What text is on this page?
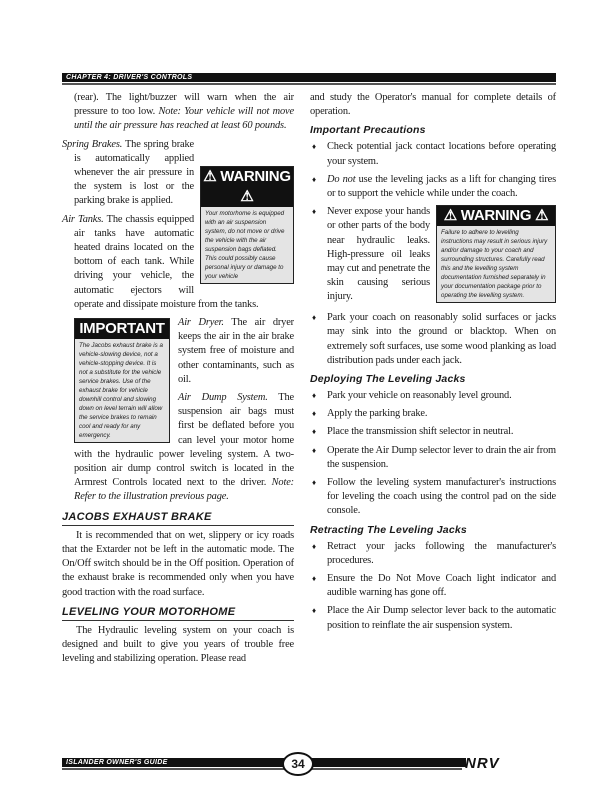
CHAPTER 4: DRIVER'S CONTROLS

(rear). The light/buzzer will warn when the air pressure to too low. Note: Your vehicle will not move until the air pressure has reached at least 60 pounds.

⚠ WARNING ⚠
Your motorhome is equipped with an air suspension system, do not move or drive the vehicle with the air suspension bags deflated. This could possibly cause personal injury or damage to your vehicle

Spring Brakes. The spring brake is automatically applied whenever the air pressure in the system is lost or the parking brake is applied.

Air Tanks. The chassis equipped air tanks have automatic heated drains located on the bottom of each tank. While driving your vehicle, the automatic ejectors will operate and dissipate moisture from the tanks.

IMPORTANT
The Jacobs exhaust brake is a vehicle-slowing device, not a vehicle-stopping device. It is not a substitute for the vehicle service brakes. Use of the exhaust brake for vehicle downhill control and slowing down on level terrain will allow the service brakes to remain cool and ready for any emergency.

Air Dryer. The air dryer keeps the air in the air brake system free of moisture and other contaminants, such as oil.

Air Dump System. The suspension air bags must first be deflated before you can level your motor home with the hydraulic power leveling system. A two-position air dump control switch is located in the Armrest Controls located next to the driver. Note: Refer to the illustration previous page.

JACOBS EXHAUST BRAKE

It is recommended that on wet, slippery or icy roads that the Extarder not be left in the automatic mode. The On/Off switch should be in the Off position. Operation of the exhaust brake is recommended only when you have good traction with the road surface.

LEVELING YOUR MOTORHOME

The Hydraulic leveling system on your coach is designed and built to give you years of trouble free leveling and stabilizing operation. Please read

and study the Operator's manual for complete details of operation.

Important Precautions
♦ Check potential jack contact locations before operating your system.
♦ Do not use the leveling jacks as a lift for changing tires or to support the vehicle while under the coach.
♦	⚠ WARNING ⚠
Failure to adhere to levelling instructions may result in serious injury and/or damage to your coach and surrounding structures. Carefully read this and the levelling system documentation furnished separately in your documentation package prior to operating the levelling system.
Never expose your hands or other parts of the body near hydraulic leaks. High-pressure oil leaks may cut and penetrate the skin causing serious injury.
♦ Park your coach on reasonably solid surfaces or jacks may sink into the ground or blacktop. When on extremely soft surfaces, use some wood planking as load distribution pads under each jack.
Deploying The Leveling Jacks
♦ Park your vehicle on reasonably level ground.
♦ Apply the parking brake.
♦ Place the transmission shift selector in neutral.
♦ Operate the Air Dump selector lever to drain the air from the suspension.
♦ Follow the leveling system manufacturer's instructions for leveling the coach using the control pad on the side console.
Retracting The Leveling Jacks
♦ Retract your jacks following the manufacturer's procedures.
♦ Ensure the Do Not Move Coach light indicator and audible warning has gone off.
♦ Place the Air Dump selector lever back to the automatic position to reinflate the air suspension system.
ISLANDER OWNER'S GUIDE	34	NRV
